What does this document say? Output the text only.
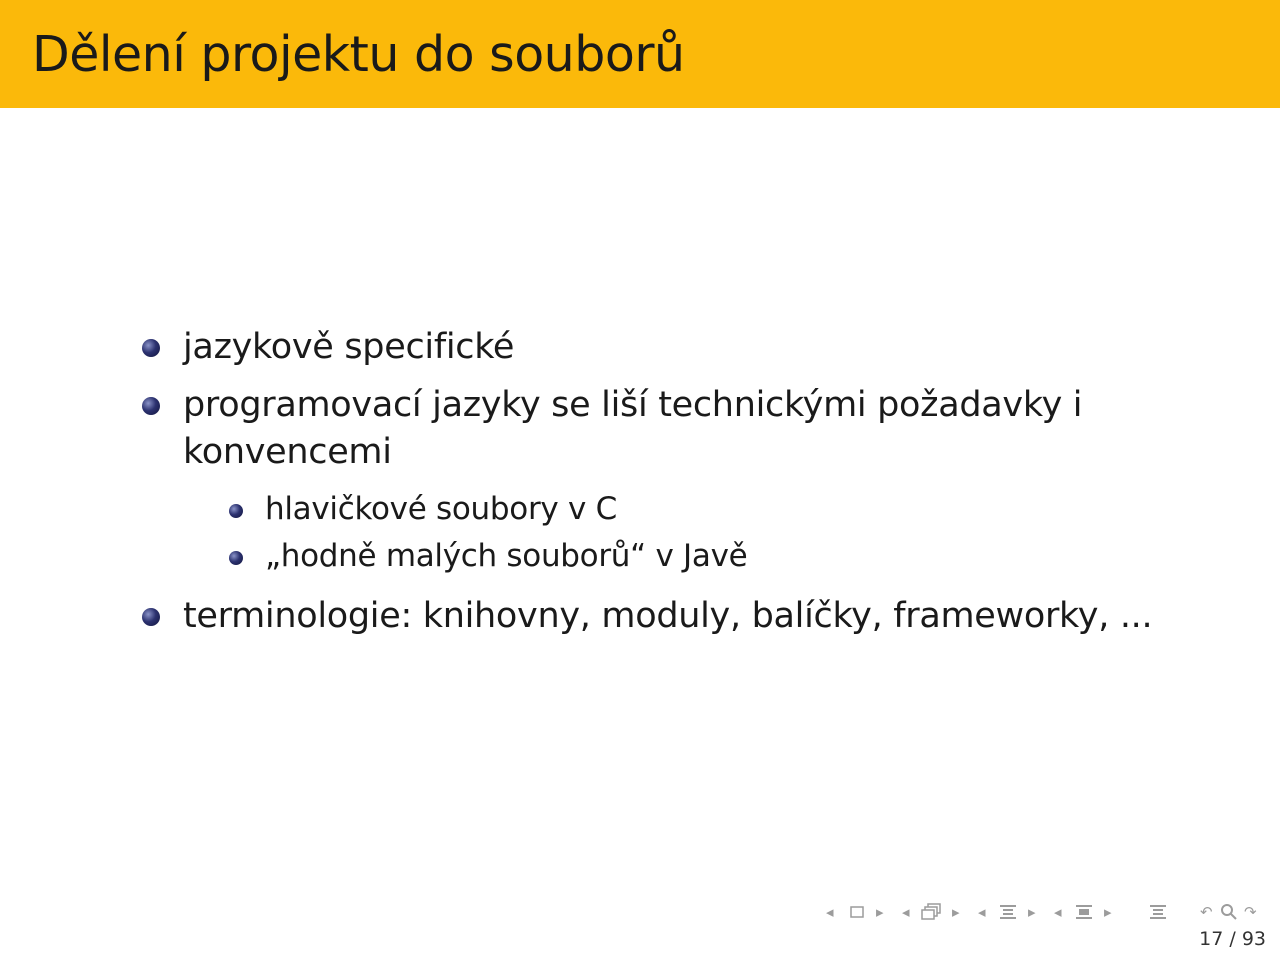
Dělení projektu do souborů
jazykově specifické
programovací jazyky se liší technickými požadavky i
konvencemi
hlavičkové soubory v C
„hodně malých souborů“ v Javě
terminologie: knihovny, moduly, balíčky, frameworky, ...
◂	▸ ◂	▸ ◂	▸ ◂	▸	↶ ↷
17 / 93
